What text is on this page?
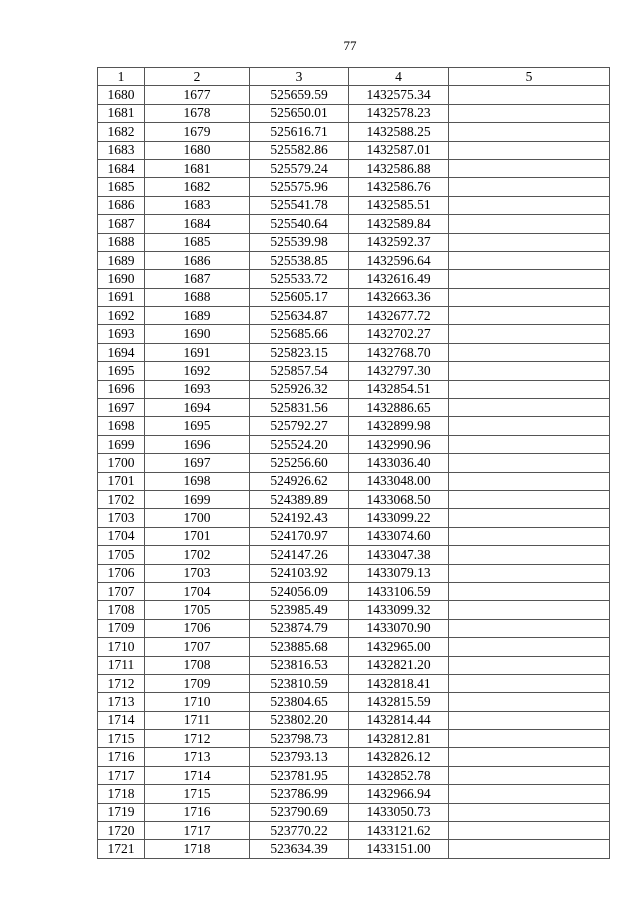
77
1	2	3	4	5
1680	1677	525659.59	1432575.34	
1681	1678	525650.01	1432578.23	
1682	1679	525616.71	1432588.25	
1683	1680	525582.86	1432587.01	
1684	1681	525579.24	1432586.88	
1685	1682	525575.96	1432586.76	
1686	1683	525541.78	1432585.51	
1687	1684	525540.64	1432589.84	
1688	1685	525539.98	1432592.37	
1689	1686	525538.85	1432596.64	
1690	1687	525533.72	1432616.49	
1691	1688	525605.17	1432663.36	
1692	1689	525634.87	1432677.72	
1693	1690	525685.66	1432702.27	
1694	1691	525823.15	1432768.70	
1695	1692	525857.54	1432797.30	
1696	1693	525926.32	1432854.51	
1697	1694	525831.56	1432886.65	
1698	1695	525792.27	1432899.98	
1699	1696	525524.20	1432990.96	
1700	1697	525256.60	1433036.40	
1701	1698	524926.62	1433048.00	
1702	1699	524389.89	1433068.50	
1703	1700	524192.43	1433099.22	
1704	1701	524170.97	1433074.60	
1705	1702	524147.26	1433047.38	
1706	1703	524103.92	1433079.13	
1707	1704	524056.09	1433106.59	
1708	1705	523985.49	1433099.32	
1709	1706	523874.79	1433070.90	
1710	1707	523885.68	1432965.00	
1711	1708	523816.53	1432821.20	
1712	1709	523810.59	1432818.41	
1713	1710	523804.65	1432815.59	
1714	1711	523802.20	1432814.44	
1715	1712	523798.73	1432812.81	
1716	1713	523793.13	1432826.12	
1717	1714	523781.95	1432852.78	
1718	1715	523786.99	1432966.94	
1719	1716	523790.69	1433050.73	
1720	1717	523770.22	1433121.62	
1721	1718	523634.39	1433151.00	
